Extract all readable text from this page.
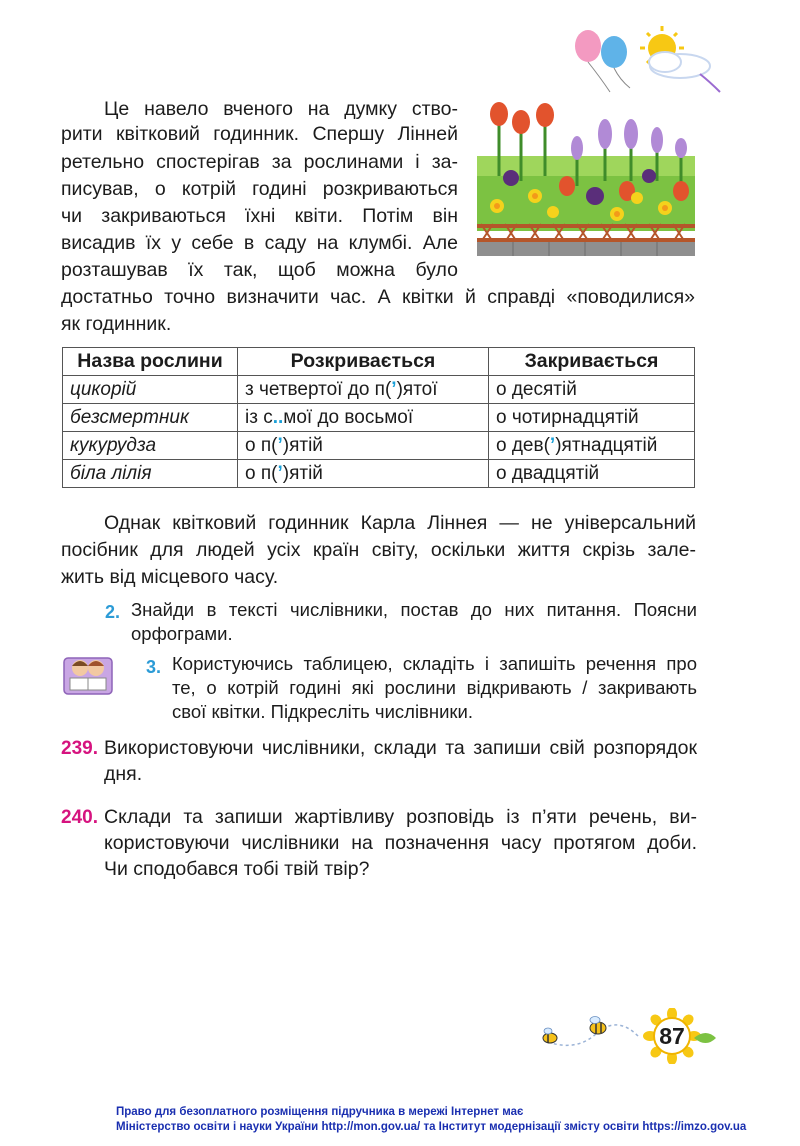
Це навело вченого на думку ство-
рити квітковий годинник. Спершу Лінней
ретельно спостерігав за рослинами і за-
писував, о котрій годині розкриваються
чи закриваються їхні квіти. Потім він
висадив їх у себе в саду на клумбі. Але
розташував їх так, щоб можна було
достатньо точно визначити час. А квітки й справді «поводилися»
як годинник.
Назва рослини	Розкривається	Закривається
цикорій	з четвертої до п(’)ятої	о десятій
безсмертник	із с..мої до восьмої	о чотирнадцятій
кукурудза	о п(’)ятій	о дев(’)ятнадцятій
біла лілія	о п(’)ятій	о двадцятій
Однак квітковий годинник Карла Ліннея — не універсальний
посібник для людей усіх країн світу, оскільки життя скрізь зале-
жить від місцевого часу.
2. Знайди в тексті числівники, постав до них питання. Поясни
орфограми.
3. Користуючись таблицею, складіть і запишіть речення про
те, о котрій годині які рослини відкривають / закривають
свої квітки. Підкресліть числівники.
239. Використовуючи числівники, склади та запиши свій розпорядок
дня.
240. Склади та запиши жартівливу розповідь із п’яти речень, ви-
користовуючи числівники на позначення часу протягом доби.
Чи сподобався тобі твій твір?
87
Право для безоплатного розміщення підручника в мережі Інтернет має
Міністерство освіти і науки України http://mon.gov.ua/ та Інститут модернізації змісту освіти https://imzo.gov.ua
